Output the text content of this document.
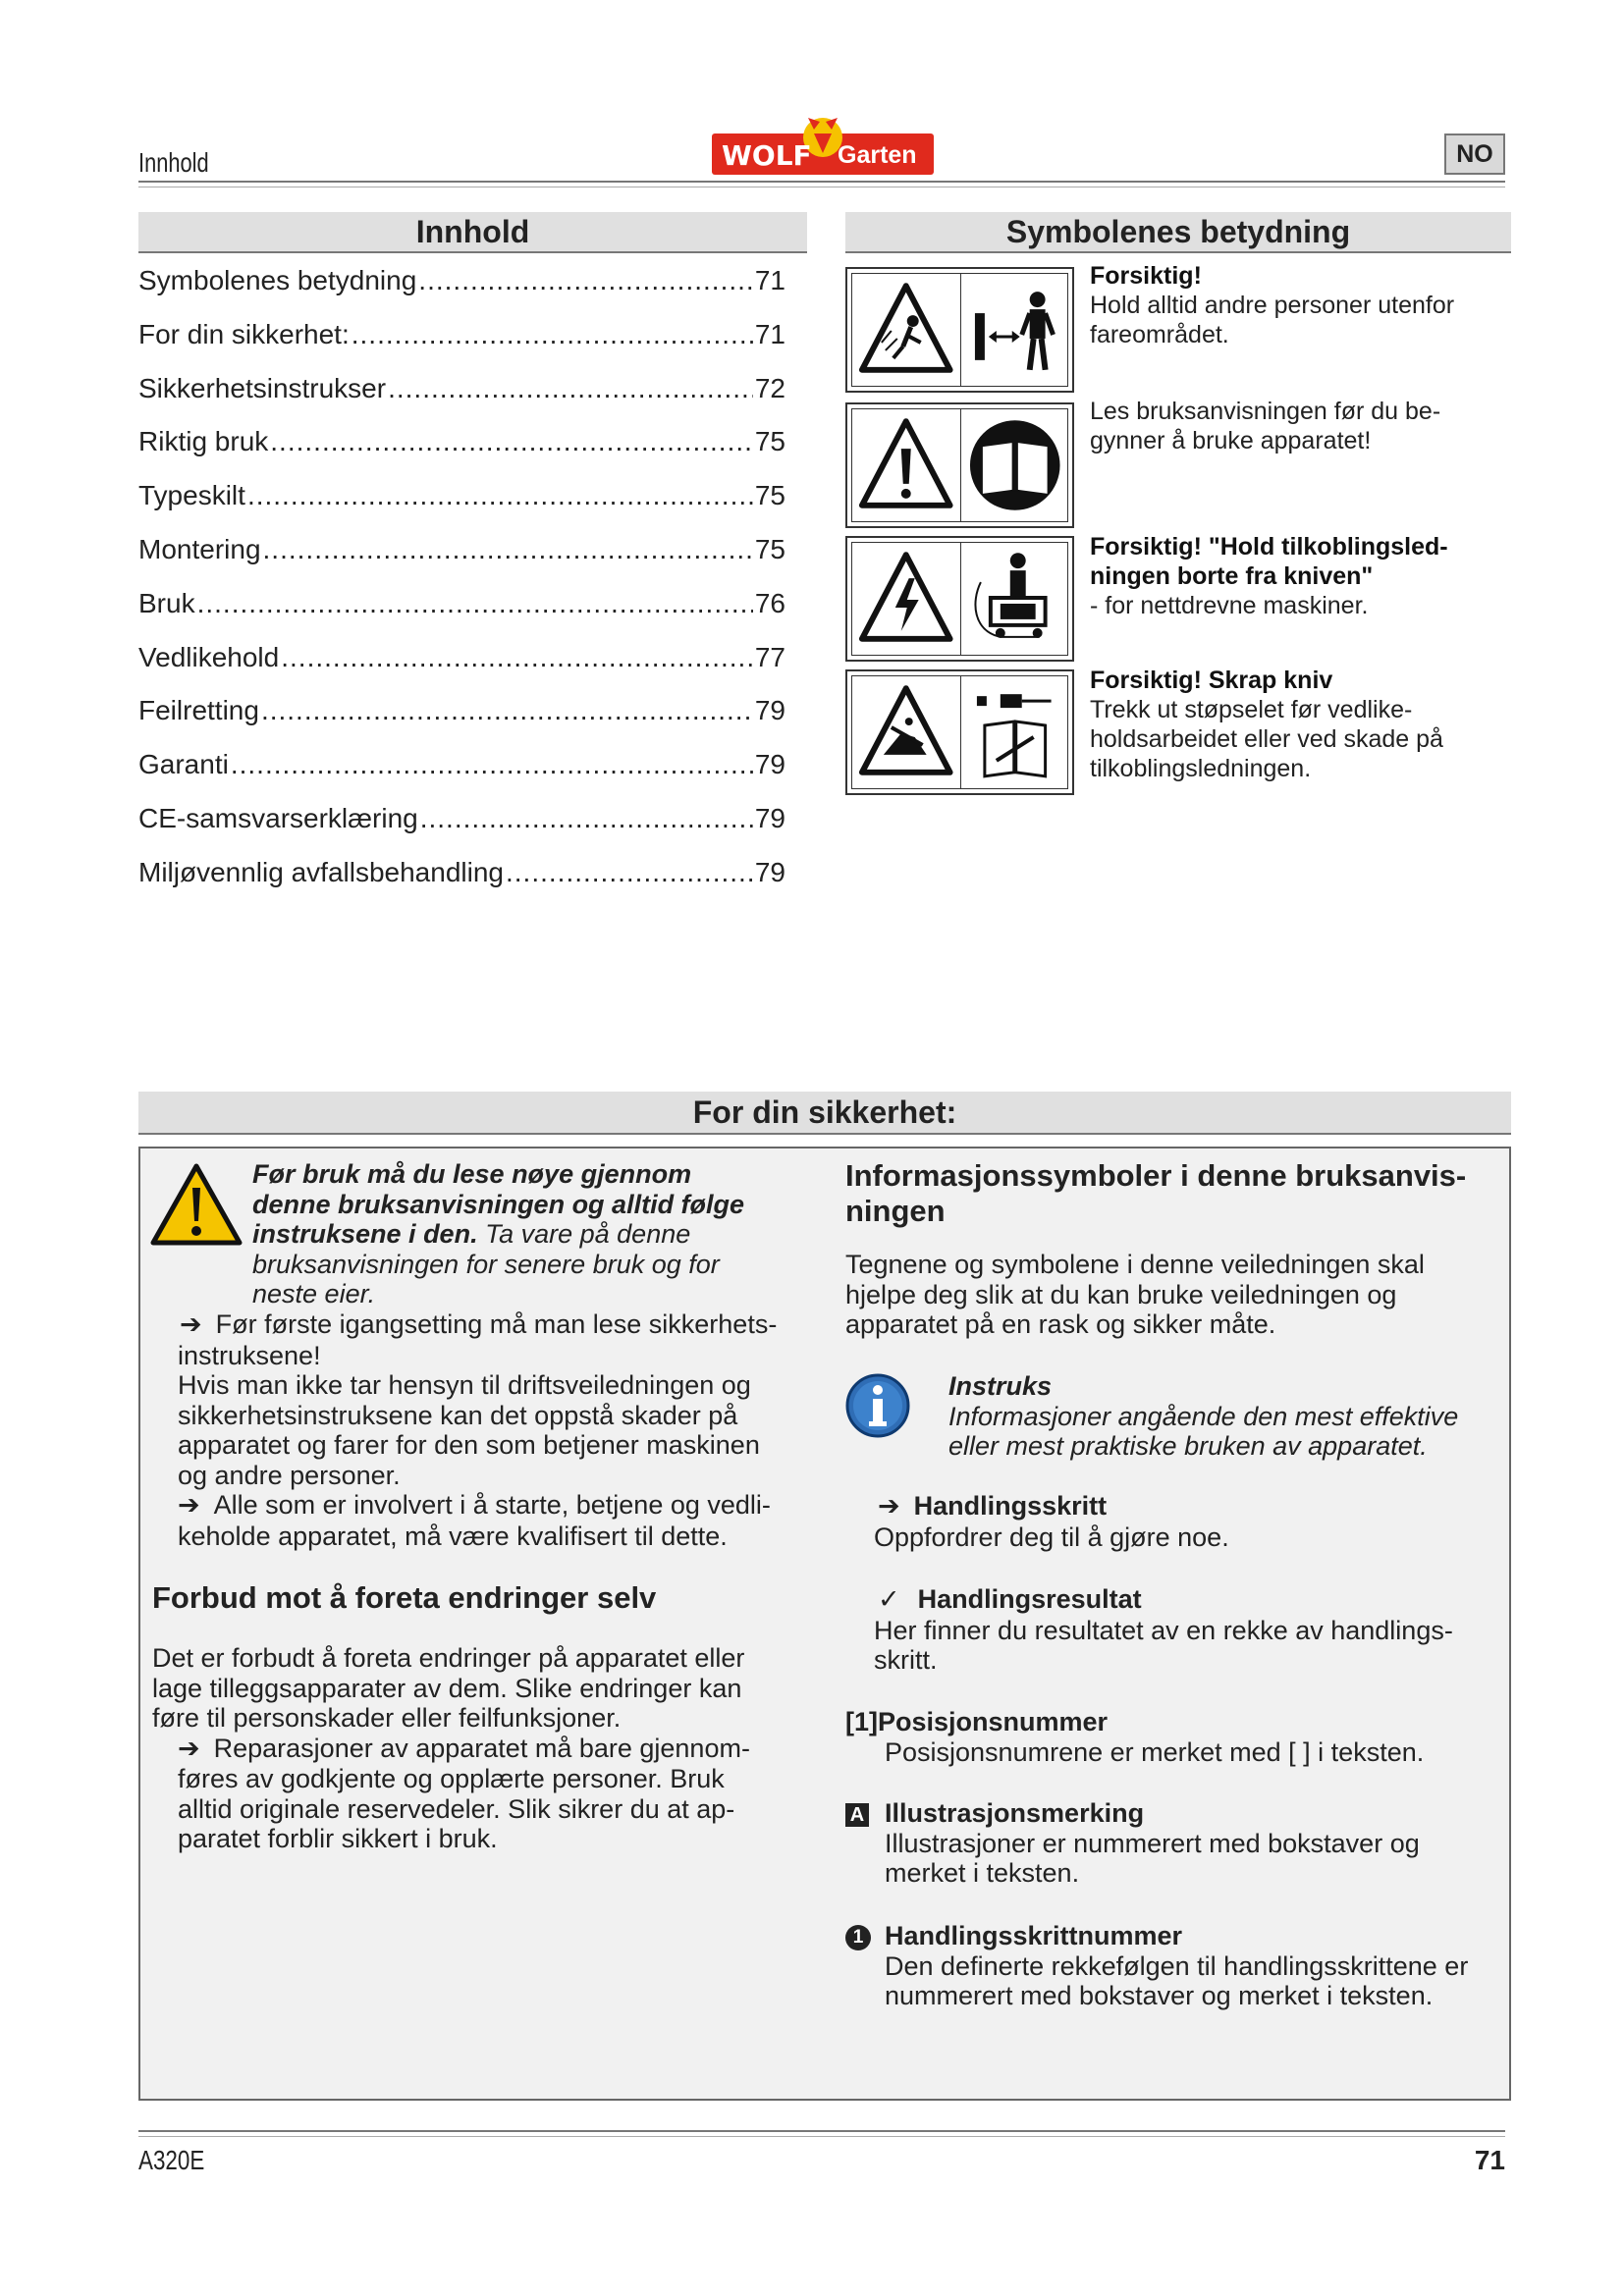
Innhold	WOLF Garten	NO
Innhold
Symbolenes betydning .....	71
For din sikkerhet: .....	71
Sikkerhetsinstrukser .....	72
Riktig bruk .....	75
Typeskilt .....	75
Montering .....	75
Bruk .....	76
Vedlikehold .....	77
Feilretting .....	79
Garanti .....	79
CE-samsvarserklæring .....	79
Miljøvennlig avfallsbehandling .....	79
Symbolenes betydning
Forsiktig!
Hold alltid andre personer utenfor
fareområdet.
Les bruksanvisningen før du be-
gynner å bruke apparatet!
Forsiktig! "Hold tilkoblingsled-
ningen borte fra kniven"
- for nettdrevne maskiner.
Forsiktig! Skrap kniv
Trekk ut støpselet før vedlike-
holdsarbeidet eller ved skade på
tilkoblingsledningen.
For din sikkerhet:
Før bruk må du lese nøye gjennom
denne bruksanvisningen og alltid følge
instruksene i den. Ta vare på denne
bruksanvisningen for senere bruk og for
neste eier.
➔ Før første igangsetting må man lese sikkerhets-
instruksene!
Hvis man ikke tar hensyn til driftsveiledningen og
sikkerhetsinstruksene kan det oppstå skader på
apparatet og farer for den som betjener maskinen
og andre personer.
➔ Alle som er involvert i å starte, betjene og vedli-
keholde apparatet, må være kvalifisert til dette.
Forbud mot å foreta endringer selv
Det er forbudt å foreta endringer på apparatet eller
lage tilleggsapparater av dem. Slike endringer kan
føre til personskader eller feilfunksjoner.
➔ Reparasjoner av apparatet må bare gjennom-
føres av godkjente og opplærte personer. Bruk
alltid originale reservedeler. Slik sikrer du at ap-
paratet forblir sikkert i bruk.
Informasjonssymboler i denne bruksanvis-
ningen
Tegnene og symbolene i denne veiledningen skal
hjelpe deg slik at du kan bruke veiledningen og
apparatet på en rask og sikker måte.
Instruks
Informasjoner angående den mest effektive
eller mest praktiske bruken av apparatet.
➔ Handlingsskritt
Oppfordrer deg til å gjøre noe.
✓ Handlingsresultat
Her finner du resultatet av en rekke av handlings-
skritt.
[1]Posisjonsnummer
Posisjonsnumrene er merket med [ ] i teksten.
A Illustrasjonsmerking
Illustrasjoner er nummerert med bokstaver og
merket i teksten.
1 Handlingsskrittnummer
Den definerte rekkefølgen til handlingsskrittene er
nummerert med bokstaver og merket i teksten.
A320E	71
